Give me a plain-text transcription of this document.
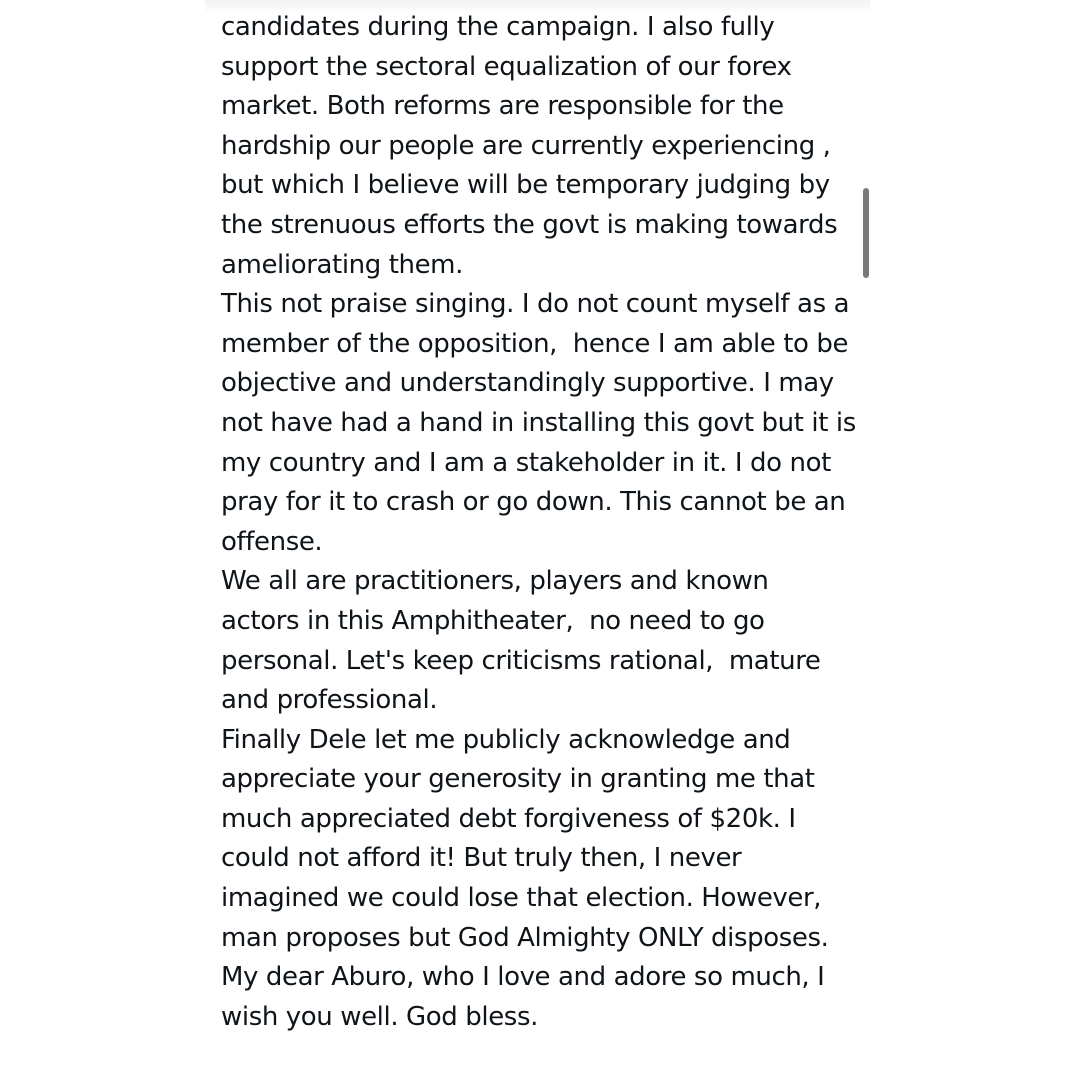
candidates during the campaign. I also fully
support the sectoral equalization of our forex
market. Both reforms are responsible for the
hardship our people are currently experiencing ,
but which I believe will be temporary judging by
the strenuous efforts the govt is making towards
ameliorating them.
This not praise singing. I do not count myself as a
member of the opposition,  hence I am able to be
objective and understandingly supportive. I may
not have had a hand in installing this govt but it is
my country and I am a stakeholder in it. I do not
pray for it to crash or go down. This cannot be an
offense.
We all are practitioners, players and known
actors in this Amphitheater,  no need to go
personal. Let's keep criticisms rational,  mature
and professional.
Finally Dele let me publicly acknowledge and
appreciate your generosity in granting me that
much appreciated debt forgiveness of $20k. I
could not afford it! But truly then, I never
imagined we could lose that election. However,
man proposes but God Almighty ONLY disposes.
My dear Aburo, who I love and adore so much, I
wish you well. God bless.
